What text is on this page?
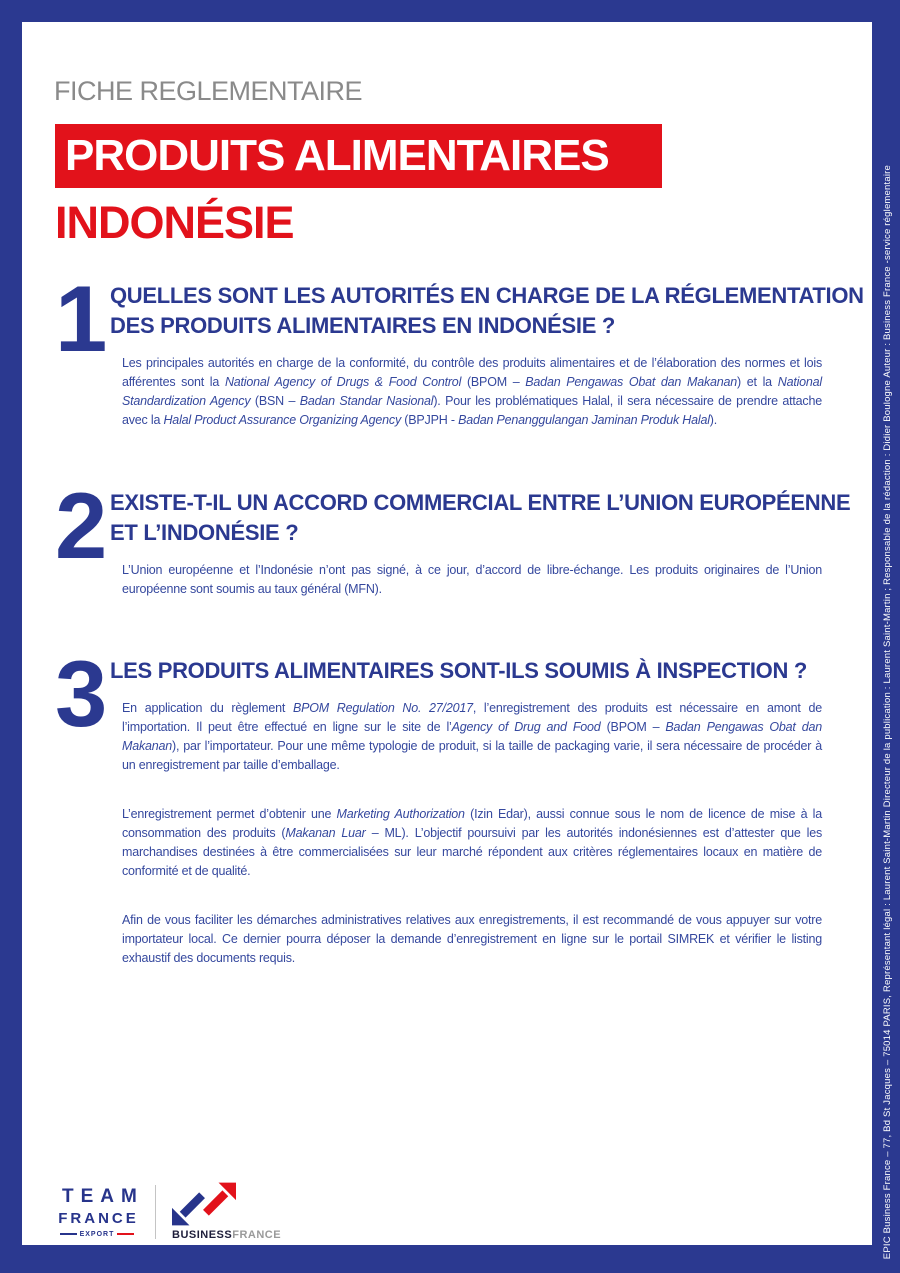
FICHE REGLEMENTAIRE
PRODUITS ALIMENTAIRES
INDONÉSIE
1 QUELLES SONT LES AUTORITÉS EN CHARGE DE LA RÉGLEMENTATION
DES PRODUITS ALIMENTAIRES EN INDONÉSIE ?
Les principales autorités en charge de la conformité, du contrôle des produits alimentaires et de l’élaboration des normes et lois afférentes sont la National Agency of Drugs & Food Control (BPOM – Badan Pengawas Obat dan Makanan) et la National Standardization Agency (BSN – Badan Standar Nasional). Pour les problématiques Halal, il sera nécessaire de prendre attache avec la Halal Product Assurance Organizing Agency (BPJPH - Badan Penanggulangan Jaminan Produk Halal).
2 EXISTE-T-IL UN ACCORD COMMERCIAL ENTRE L’UNION EUROPÉENNE
ET L’INDONÉSIE ?
L’Union européenne et l’Indonésie n’ont pas signé, à ce jour, d’accord de libre-échange. Les produits originaires de l’Union européenne sont soumis au taux général (MFN).
3 LES PRODUITS ALIMENTAIRES SONT-ILS SOUMIS À INSPECTION ?
En application du règlement BPOM Regulation No. 27/2017, l’enregistrement des produits est nécessaire en amont de l’importation. Il peut être effectué en ligne sur le site de l’Agency of Drug and Food (BPOM – Badan Pengawas Obat dan Makanan), par l’importateur. Pour une même typologie de produit, si la taille de packaging varie, il sera nécessaire de procéder à un enregistrement par taille d’emballage.
L’enregistrement permet d’obtenir une Marketing Authorization (Izin Edar), aussi connue sous le nom de licence de mise à la consommation des produits (Makanan Luar – ML). L’objectif poursuivi par les autorités indonésiennes est d’attester que les marchandises destinées à être commercialisées sur leur marché répondent aux critères réglementaires locaux en matière de conformité et de qualité.
Afin de vous faciliter les démarches administratives relatives aux enregistrements, il est recommandé de vous appuyer sur votre importateur local. Ce dernier pourra déposer la demande d’enregistrement en ligne sur le portail SIMREK et vérifier le listing exhaustif des documents requis.
TEAM
FRANCE
EXPORT	BUSINESSFRANCE	EPIC Business France – 77, Bd St Jacques – 75014 PARIS, Représentant légal : Laurent Saint-Martin Directeur de la publication : Laurent Saint-Martin ; Responsable de la rédaction : Didier Boulogne Auteur : Business France -service réglementaire
